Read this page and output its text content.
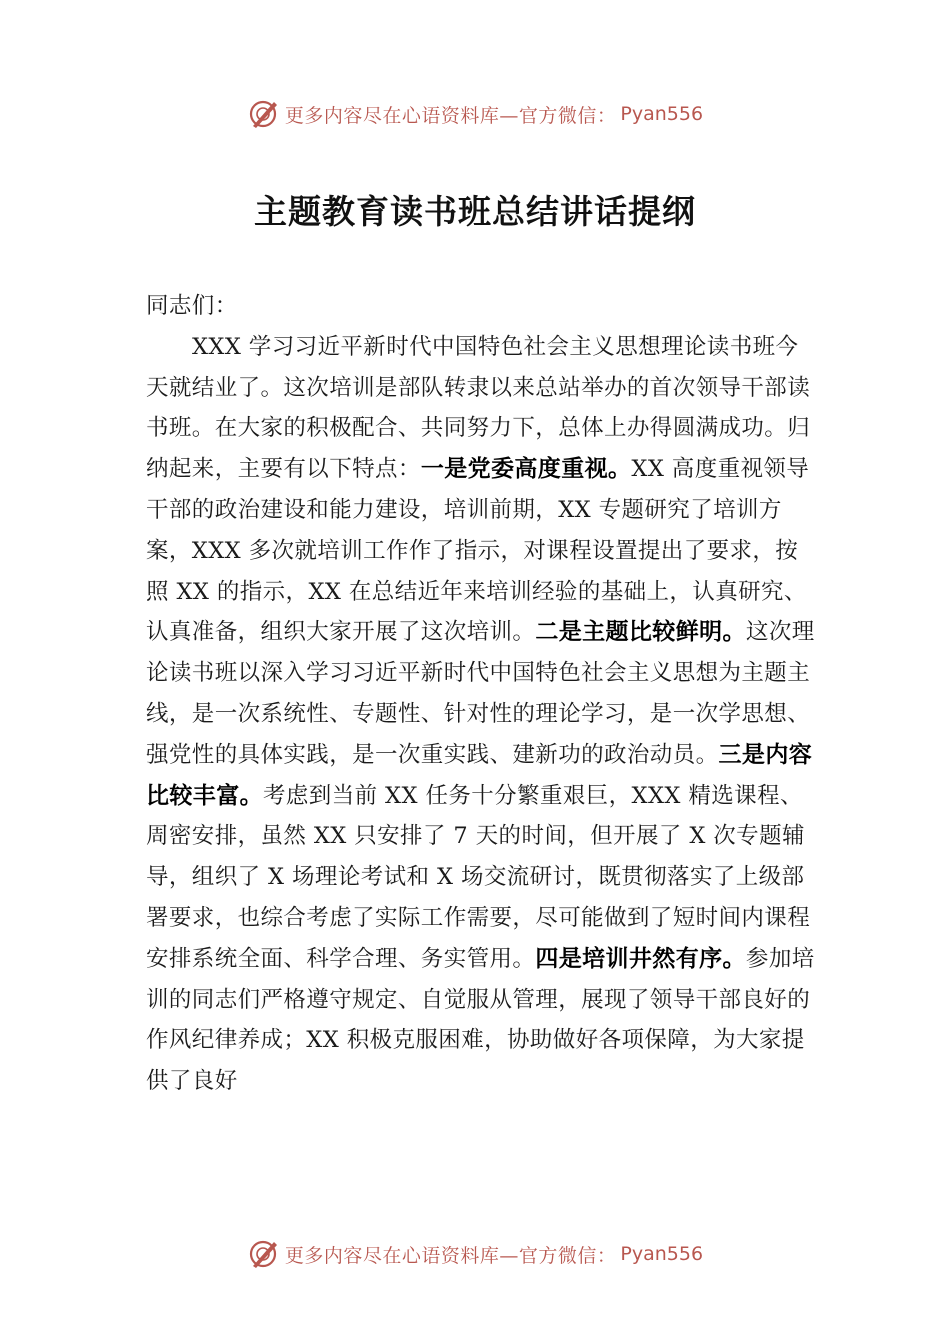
更多内容尽在心语资料库—官方微信： Pyan556
主题教育读书班总结讲话提纲

同志们：

XXX 学习习近平新时代中国特色社会主义思想理论读书班今天就结业了。这次培训是部队转隶以来总站举办的首次领导干部读书班。在大家的积极配合、共同努力下，总体上办得圆满成功。归纳起来，主要有以下特点：一是党委高度重视。XX 高度重视领导干部的政治建设和能力建设，培训前期，XX 专题研究了培训方案，XXX 多次就培训工作作了指示，对课程设置提出了要求，按照 XX 的指示，XX 在总结近年来培训经验的基础上，认真研究、认真准备，组织大家开展了这次培训。二是主题比较鲜明。这次理论读书班以深入学习习近平新时代中国特色社会主义思想为主题主线，是一次系统性、专题性、针对性的理论学习，是一次学思想、强党性的具体实践，是一次重实践、建新功的政治动员。三是内容比较丰富。考虑到当前 XX 任务十分繁重艰巨，XXX 精选课程、周密安排，虽然 XX 只安排了 7 天的时间，但开展了 X 次专题辅导，组织了 X 场理论考试和 X 场交流研讨，既贯彻落实了上级部署要求，也综合考虑了实际工作需要，尽可能做到了短时间内课程安排系统全面、科学合理、务实管用。四是培训井然有序。参加培训的同志们严格遵守规定、自觉服从管理，展现了领导干部良好的作风纪律养成；XX 积极克服困难，协助做好各项保障，为大家提供了良好

更多内容尽在心语资料库—官方微信： Pyan556
